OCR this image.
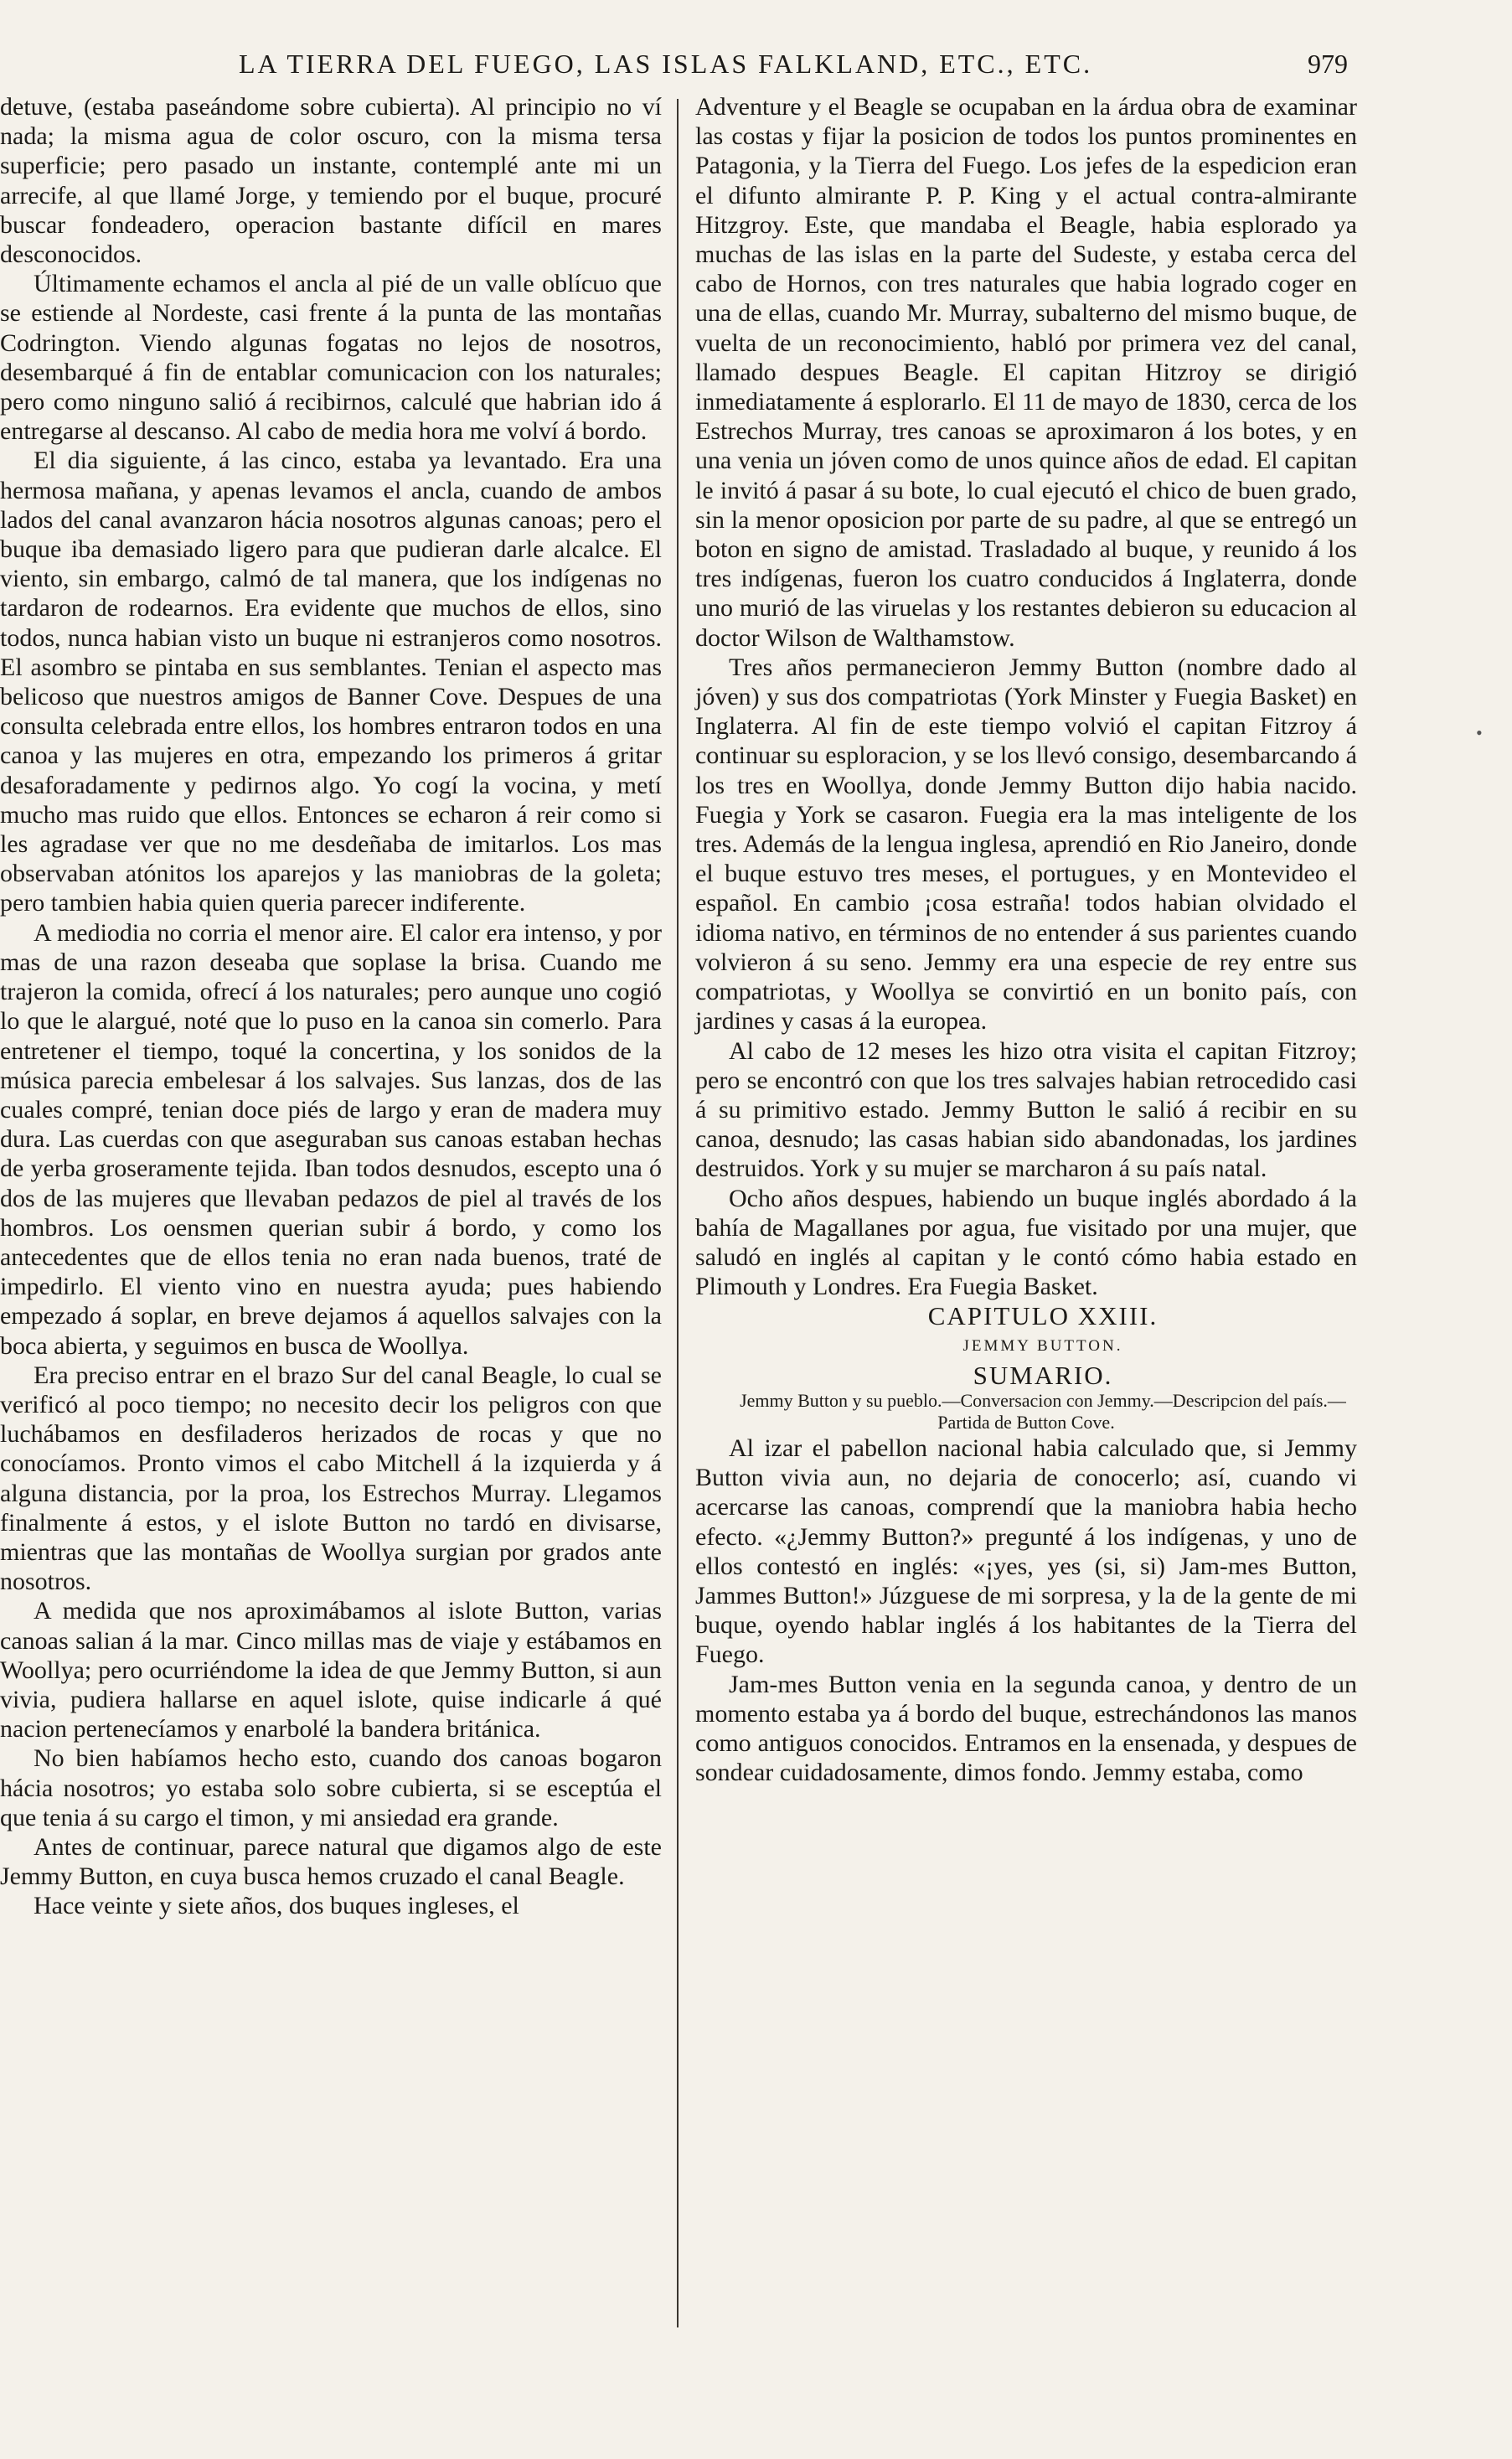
LA TIERRA DEL FUEGO, LAS ISLAS FALKLAND, ETC., ETC.	979
•

detuve, (estaba paseándome sobre cubierta). Al principio no ví nada; la misma agua de color oscuro, con la misma tersa superficie; pero pasado un instante, contemplé ante mi un arrecife, al que llamé Jorge, y temiendo por el buque, procuré buscar fondeadero, operacion bastante difícil en mares desconocidos.

Últimamente echamos el ancla al pié de un valle oblícuo que se estiende al Nordeste, casi frente á la punta de las montañas Codrington. Viendo algunas fogatas no lejos de nosotros, desembarqué á fin de entablar comunicacion con los naturales; pero como ninguno salió á recibirnos, calculé que habrian ido á entregarse al descanso. Al cabo de media hora me volví á bordo.

El dia siguiente, á las cinco, estaba ya levantado. Era una hermosa mañana, y apenas levamos el ancla, cuando de ambos lados del canal avanzaron hácia nosotros algunas canoas; pero el buque iba demasiado ligero para que pudieran darle alcalce. El viento, sin embargo, calmó de tal manera, que los indígenas no tardaron de rodearnos. Era evidente que muchos de ellos, sino todos, nunca habian visto un buque ni estranjeros como nosotros. El asombro se pintaba en sus semblantes. Tenian el aspecto mas belicoso que nuestros amigos de Banner Cove. Despues de una consulta celebrada entre ellos, los hombres entraron todos en una canoa y las mujeres en otra, empezando los primeros á gritar desaforadamente y pedirnos algo. Yo cogí la vocina, y metí mucho mas ruido que ellos. Entonces se echaron á reir como si les agradase ver que no me desdeñaba de imitarlos. Los mas observaban atónitos los aparejos y las maniobras de la goleta; pero tambien habia quien queria parecer indiferente.

A mediodia no corria el menor aire. El calor era intenso, y por mas de una razon deseaba que soplase la brisa. Cuando me trajeron la comida, ofrecí á los naturales; pero aunque uno cogió lo que le alargué, noté que lo puso en la canoa sin comerlo. Para entretener el tiempo, toqué la concertina, y los sonidos de la música parecia embelesar á los salvajes. Sus lanzas, dos de las cuales compré, tenian doce piés de largo y eran de madera muy dura. Las cuerdas con que aseguraban sus canoas estaban hechas de yerba groseramente tejida. Iban todos desnudos, escepto una ó dos de las mujeres que llevaban pedazos de piel al través de los hombros. Los oensmen querian subir á bordo, y como los antecedentes que de ellos tenia no eran nada buenos, traté de impedirlo. El viento vino en nuestra ayuda; pues habiendo empezado á soplar, en breve dejamos á aquellos salvajes con la boca abierta, y seguimos en busca de Woollya.

Era preciso entrar en el brazo Sur del canal Beagle, lo cual se verificó al poco tiempo; no necesito decir los peligros con que luchábamos en desfiladeros herizados de rocas y que no conocíamos. Pronto vimos el cabo Mitchell á la izquierda y á alguna distancia, por la proa, los Estrechos Murray. Llegamos finalmente á estos, y el islote Button no tardó en divisarse, mientras que las montañas de Woollya surgian por grados ante nosotros.

A medida que nos aproximábamos al islote Button, varias canoas salian á la mar. Cinco millas mas de viaje y estábamos en Woollya; pero ocurriéndome la idea de que Jemmy Button, si aun vivia, pudiera hallarse en aquel islote, quise indicarle á qué nacion pertenecíamos y enarbolé la bandera británica.

No bien habíamos hecho esto, cuando dos canoas bogaron hácia nosotros; yo estaba solo sobre cubierta, si se esceptúa el que tenia á su cargo el timon, y mi ansiedad era grande.

Antes de continuar, parece natural que digamos algo de este Jemmy Button, en cuya busca hemos cruzado el canal Beagle.

Hace veinte y siete años, dos buques ingleses, el

Adventure y el Beagle se ocupaban en la árdua obra de examinar las costas y fijar la posicion de todos los puntos prominentes en Patagonia, y la Tierra del Fuego. Los jefes de la espedicion eran el difunto almirante P. P. King y el actual contra-almirante Hitzgroy. Este, que mandaba el Beagle, habia esplorado ya muchas de las islas en la parte del Sudeste, y estaba cerca del cabo de Hornos, con tres naturales que habia logrado coger en una de ellas, cuando Mr. Murray, subalterno del mismo buque, de vuelta de un reconocimiento, habló por primera vez del canal, llamado despues Beagle. El capitan Hitzroy se dirigió inmediatamente á esplorarlo. El 11 de mayo de 1830, cerca de los Estrechos Murray, tres canoas se aproximaron á los botes, y en una venia un jóven como de unos quince años de edad. El capitan le invitó á pasar á su bote, lo cual ejecutó el chico de buen grado, sin la menor oposicion por parte de su padre, al que se entregó un boton en signo de amistad. Trasladado al buque, y reunido á los tres indígenas, fueron los cuatro conducidos á Inglaterra, donde uno murió de las viruelas y los restantes debieron su educacion al doctor Wilson de Walthamstow.

Tres años permanecieron Jemmy Button (nombre dado al jóven) y sus dos compatriotas (York Minster y Fuegia Basket) en Inglaterra. Al fin de este tiempo volvió el capitan Fitzroy á continuar su esploracion, y se los llevó consigo, desembarcando á los tres en Woollya, donde Jemmy Button dijo habia nacido. Fuegia y York se casaron. Fuegia era la mas inteligente de los tres. Además de la lengua inglesa, aprendió en Rio Janeiro, donde el buque estuvo tres meses, el portugues, y en Montevideo el español. En cambio ¡cosa estraña! todos habian olvidado el idioma nativo, en términos de no entender á sus parientes cuando volvieron á su seno. Jemmy era una especie de rey entre sus compatriotas, y Woollya se convirtió en un bonito país, con jardines y casas á la europea.

Al cabo de 12 meses les hizo otra visita el capitan Fitzroy; pero se encontró con que los tres salvajes habian retrocedido casi á su primitivo estado. Jemmy Button le salió á recibir en su canoa, desnudo; las casas habian sido abandonadas, los jardines destruidos. York y su mujer se marcharon á su país natal.

Ocho años despues, habiendo un buque inglés abordado á la bahía de Magallanes por agua, fue visitado por una mujer, que saludó en inglés al capitan y le contó cómo habia estado en Plimouth y Londres. Era Fuegia Basket.

CAPITULO XXIII.

JEMMY BUTTON.

SUMARIO.

Jemmy Button y su pueblo.—Conversacion con Jemmy.—Descripcion del país.—Partida de Button Cove.

Al izar el pabellon nacional habia calculado que, si Jemmy Button vivia aun, no dejaria de conocerlo; así, cuando vi acercarse las canoas, comprendí que la maniobra habia hecho efecto. «¿Jemmy Button?» pregunté á los indígenas, y uno de ellos contestó en inglés: «¡yes, yes (si, si) Jam-mes Button, Jammes Button!» Júzguese de mi sorpresa, y la de la gente de mi buque, oyendo hablar inglés á los habitantes de la Tierra del Fuego.

Jam-mes Button venia en la segunda canoa, y dentro de un momento estaba ya á bordo del buque, estrechándonos las manos como antiguos conocidos. Entramos en la ensenada, y despues de sondear cuidadosamente, dimos fondo. Jemmy estaba, como
